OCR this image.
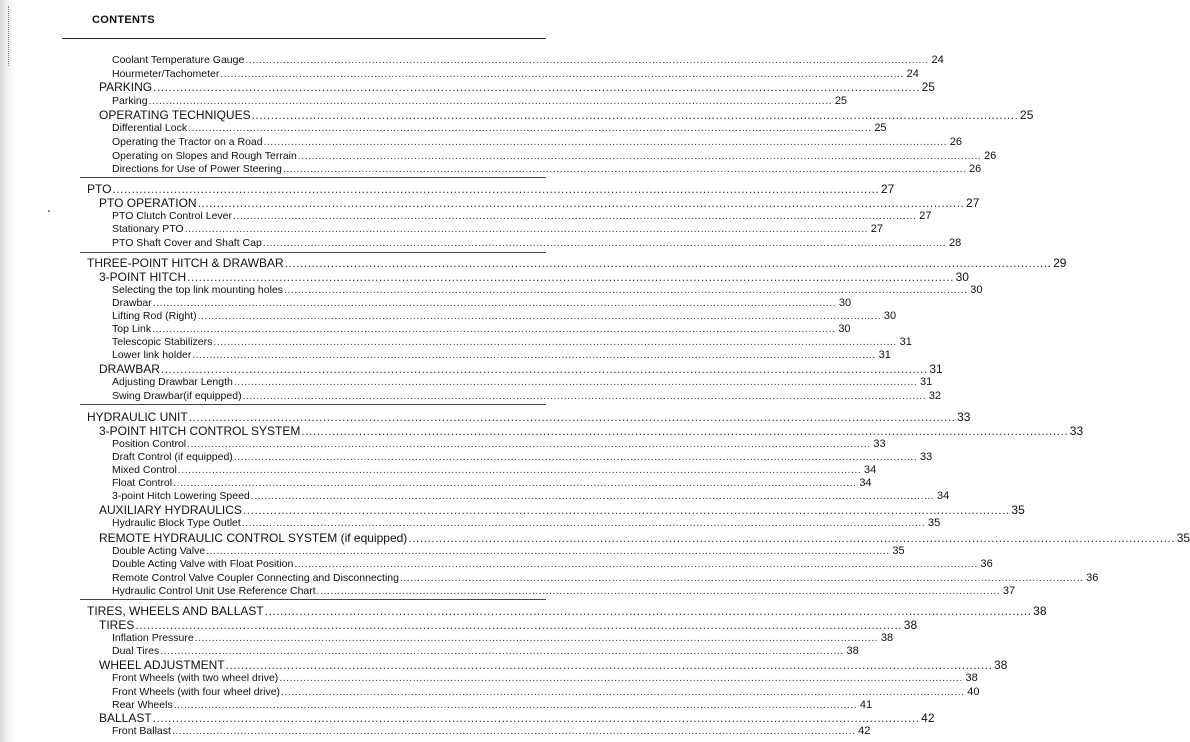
CONTENTS
Coolant Temperature Gauge ........................................................................................................................................................................................................ 24
Hourmeter/Tachometer ........................................................................................................................................................................................................ 24
PARKING ........................................................................................................................................................................................................ 25
Parking ........................................................................................................................................................................................................ 25
OPERATING TECHNIQUES ........................................................................................................................................................................................................ 25
Differential Lock ........................................................................................................................................................................................................ 25
Operating the Tractor on a Road ........................................................................................................................................................................................................ 26
Operating on Slopes and Rough Terrain ........................................................................................................................................................................................................ 26
Directions for Use of Power Steering ........................................................................................................................................................................................................ 26
PTO ........................................................................................................................................................................................................ 27
PTO OPERATION ........................................................................................................................................................................................................ 27
PTO Clutch Control Lever ........................................................................................................................................................................................................ 27
Stationary PTO ........................................................................................................................................................................................................ 27
PTO Shaft Cover and Shaft Cap ........................................................................................................................................................................................................ 28
THREE-POINT HITCH & DRAWBAR ........................................................................................................................................................................................................ 29
3-POINT HITCH ........................................................................................................................................................................................................ 30
Selecting the top link mounting holes ........................................................................................................................................................................................................ 30
Drawbar ........................................................................................................................................................................................................ 30
Lifting Rod (Right) ........................................................................................................................................................................................................ 30
Top Link ........................................................................................................................................................................................................ 30
Telescopic Stabilizers ........................................................................................................................................................................................................ 31
Lower link holder ........................................................................................................................................................................................................ 31
DRAWBAR ........................................................................................................................................................................................................ 31
Adjusting Drawbar Length ........................................................................................................................................................................................................ 31
Swing Drawbar(if equipped) ........................................................................................................................................................................................................ 32
HYDRAULIC UNIT ........................................................................................................................................................................................................ 33
3-POINT HITCH CONTROL SYSTEM ........................................................................................................................................................................................................ 33
Position Control ........................................................................................................................................................................................................ 33
Draft Control (if equipped) ........................................................................................................................................................................................................ 33
Mixed Control ........................................................................................................................................................................................................ 34
Float Control ........................................................................................................................................................................................................ 34
3-point Hitch Lowering Speed ........................................................................................................................................................................................................ 34
AUXILIARY HYDRAULICS ........................................................................................................................................................................................................ 35
Hydraulic Block Type Outlet ........................................................................................................................................................................................................ 35
REMOTE HYDRAULIC CONTROL SYSTEM (if equipped) ........................................................................................................................................................................................................ 35
Double Acting Valve ........................................................................................................................................................................................................ 35
Double Acting Valve with Float Position ........................................................................................................................................................................................................ 36
Remote Control Valve Coupler Connecting and Disconnecting ........................................................................................................................................................................................................ 36
Hydraulic Control Unit Use Reference Chart ........................................................................................................................................................................................................ 37
TIRES, WHEELS AND BALLAST ........................................................................................................................................................................................................ 38
TIRES ........................................................................................................................................................................................................ 38
Inflation Pressure ........................................................................................................................................................................................................ 38
Dual Tires ........................................................................................................................................................................................................ 38
WHEEL ADJUSTMENT ........................................................................................................................................................................................................ 38
Front Wheels (with two wheel drive) ........................................................................................................................................................................................................ 38
Front Wheels (with four wheel drive) ........................................................................................................................................................................................................ 40
Rear Wheels ........................................................................................................................................................................................................ 41
BALLAST ........................................................................................................................................................................................................ 42
Front Ballast ........................................................................................................................................................................................................ 42
